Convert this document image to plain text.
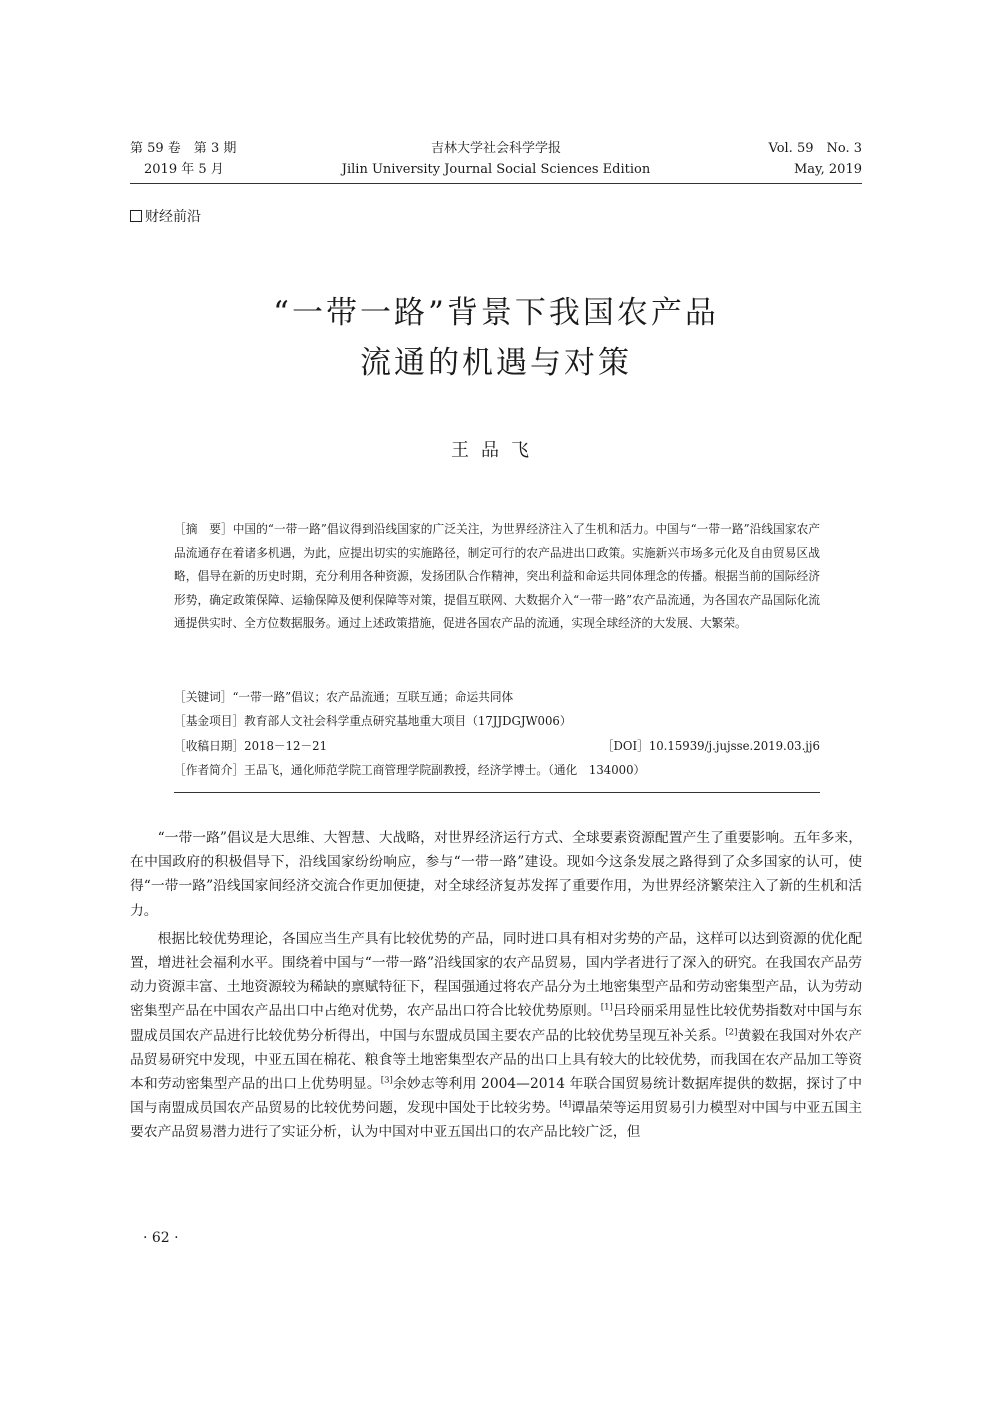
第 59 卷　第 3 期
2019 年 5 月
吉林大学社会科学学报
Jilin University Journal Social Sciences Edition
Vol. 59　No. 3
May, 2019
财经前沿
“一带一路”背景下我国农产品
流通的机遇与对策
王品飞
［摘　要］中国的“一带一路”倡议得到沿线国家的广泛关注，为世界经济注入了生机和活力。中国与“一带一路”沿线国家农产品流通存在着诸多机遇，为此，应提出切实的实施路径，制定可行的农产品进出口政策。实施新兴市场多元化及自由贸易区战略，倡导在新的历史时期，充分利用各种资源，发扬团队合作精神，突出利益和命运共同体理念的传播。根据当前的国际经济形势，确定政策保障、运输保障及便利保障等对策，提倡互联网、大数据介入“一带一路”农产品流通，为各国农产品国际化流通提供实时、全方位数据服务。通过上述政策措施，促进各国农产品的流通，实现全球经济的大发展、大繁荣。
［关键词］“一带一路”倡议；农产品流通；互联互通；命运共同体
［基金项目］教育部人文社会科学重点研究基地重大项目（17JJDGJW006）
［收稿日期］2018－12－21	［DOI］10.15939/j.jujsse.2019.03.jj6
［作者简介］王品飞，通化师范学院工商管理学院副教授，经济学博士。（通化　134000）

“一带一路”倡议是大思维、大智慧、大战略，对世界经济运行方式、全球要素资源配置产生了重要影响。五年多来，在中国政府的积极倡导下，沿线国家纷纷响应，参与“一带一路”建设。现如今这条发展之路得到了众多国家的认可，使得“一带一路”沿线国家间经济交流合作更加便捷，对全球经济复苏发挥了重要作用，为世界经济繁荣注入了新的生机和活力。

根据比较优势理论，各国应当生产具有比较优势的产品，同时进口具有相对劣势的产品，这样可以达到资源的优化配置，增进社会福利水平。围绕着中国与“一带一路”沿线国家的农产品贸易，国内学者进行了深入的研究。在我国农产品劳动力资源丰富、土地资源较为稀缺的禀赋特征下，程国强通过将农产品分为土地密集型产品和劳动密集型产品，认为劳动密集型产品在中国农产品出口中占绝对优势，农产品出口符合比较优势原则。[1]吕玲丽采用显性比较优势指数对中国与东盟成员国农产品进行比较优势分析得出，中国与东盟成员国主要农产品的比较优势呈现互补关系。[2]黄毅在我国对外农产品贸易研究中发现，中亚五国在棉花、粮食等土地密集型农产品的出口上具有较大的比较优势，而我国在农产品加工等资本和劳动密集型产品的出口上优势明显。[3]余妙志等利用 2004—2014 年联合国贸易统计数据库提供的数据，探讨了中国与南盟成员国农产品贸易的比较优势问题，发现中国处于比较劣势。[4]谭晶荣等运用贸易引力模型对中国与中亚五国主要农产品贸易潜力进行了实证分析，认为中国对中亚五国出口的农产品比较广泛，但

· 62 ·
